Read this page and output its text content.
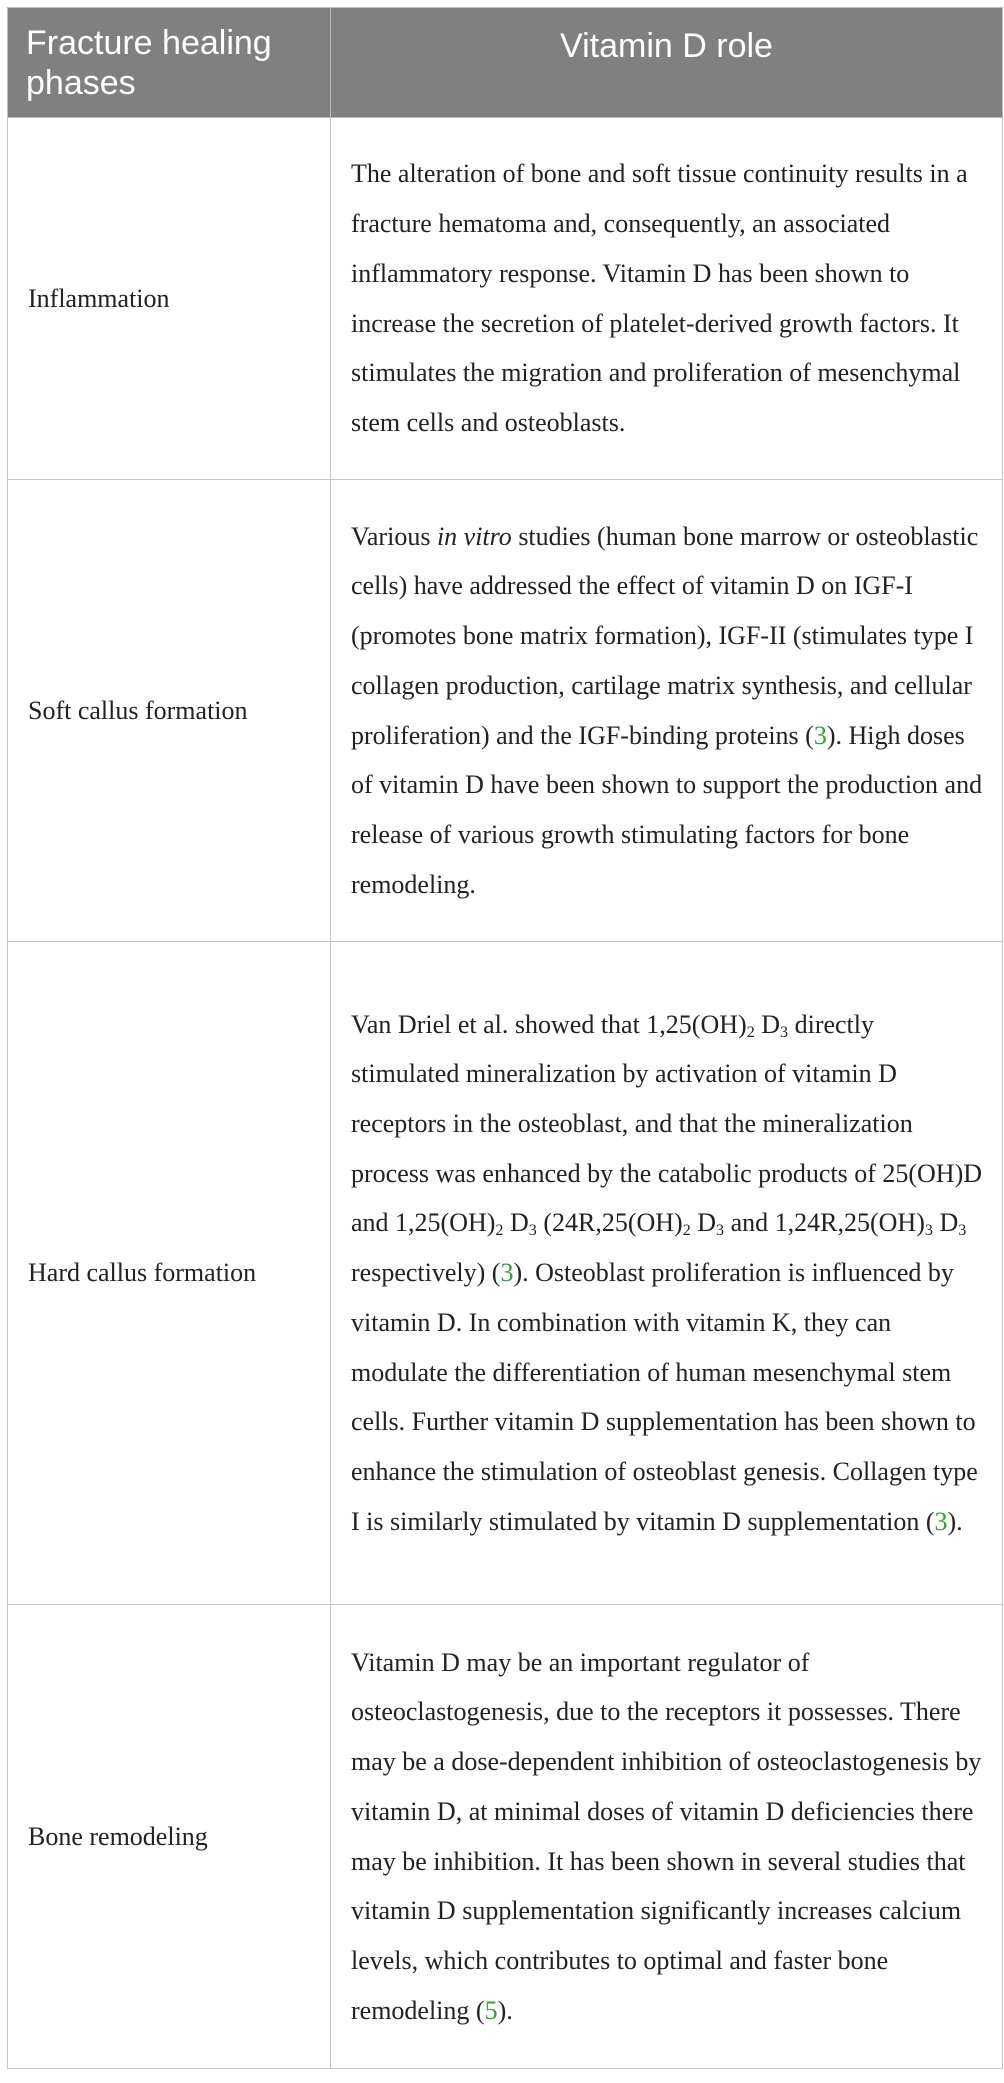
Fracture healing phases	Vitamin D role
Inflammation	The alteration of bone and soft tissue continuity results in a fracture hematoma and, consequently, an associated inflammatory response. Vitamin D has been shown to increase the secretion of platelet-derived growth factors. It stimulates the migration and proliferation of mesenchymal stem cells and osteoblasts.
Soft callus formation	Various in vitro studies (human bone marrow or osteoblastic cells) have addressed the effect of vitamin D on IGF-I (promotes bone matrix formation), IGF-II (stimulates type I collagen production, cartilage matrix synthesis, and cellular proliferation) and the IGF-binding proteins (3). High doses of vitamin D have been shown to support the production and release of various growth stimulating factors for bone remodeling.
Hard callus formation	Van Driel et al. showed that $1,25(OH)_2$ $D_3$ directly stimulated mineralization by activation of vitamin D receptors in the osteoblast, and that the mineralization process was enhanced by the catabolic products of 25(OH)D and $1,25(OH)_2$ $D_3$ ($24R,25(OH)_2$ $D_3$ and $1,24R,25(OH)_3$ $D_3$ respectively) (3). Osteoblast proliferation is influenced by vitamin D. In combination with vitamin K, they can modulate the differentiation of human mesenchymal stem cells. Further vitamin D supplementation has been shown to enhance the stimulation of osteoblast genesis. Collagen type I is similarly stimulated by vitamin D supplementation (3).
Bone remodeling	Vitamin D may be an important regulator of osteoclastogenesis, due to the receptors it possesses. There may be a dose-dependent inhibition of osteoclastogenesis by vitamin D, at minimal doses of vitamin D deficiencies there may be inhibition. It has been shown in several studies that vitamin D supplementation significantly increases calcium levels, which contributes to optimal and faster bone remodeling (5).
